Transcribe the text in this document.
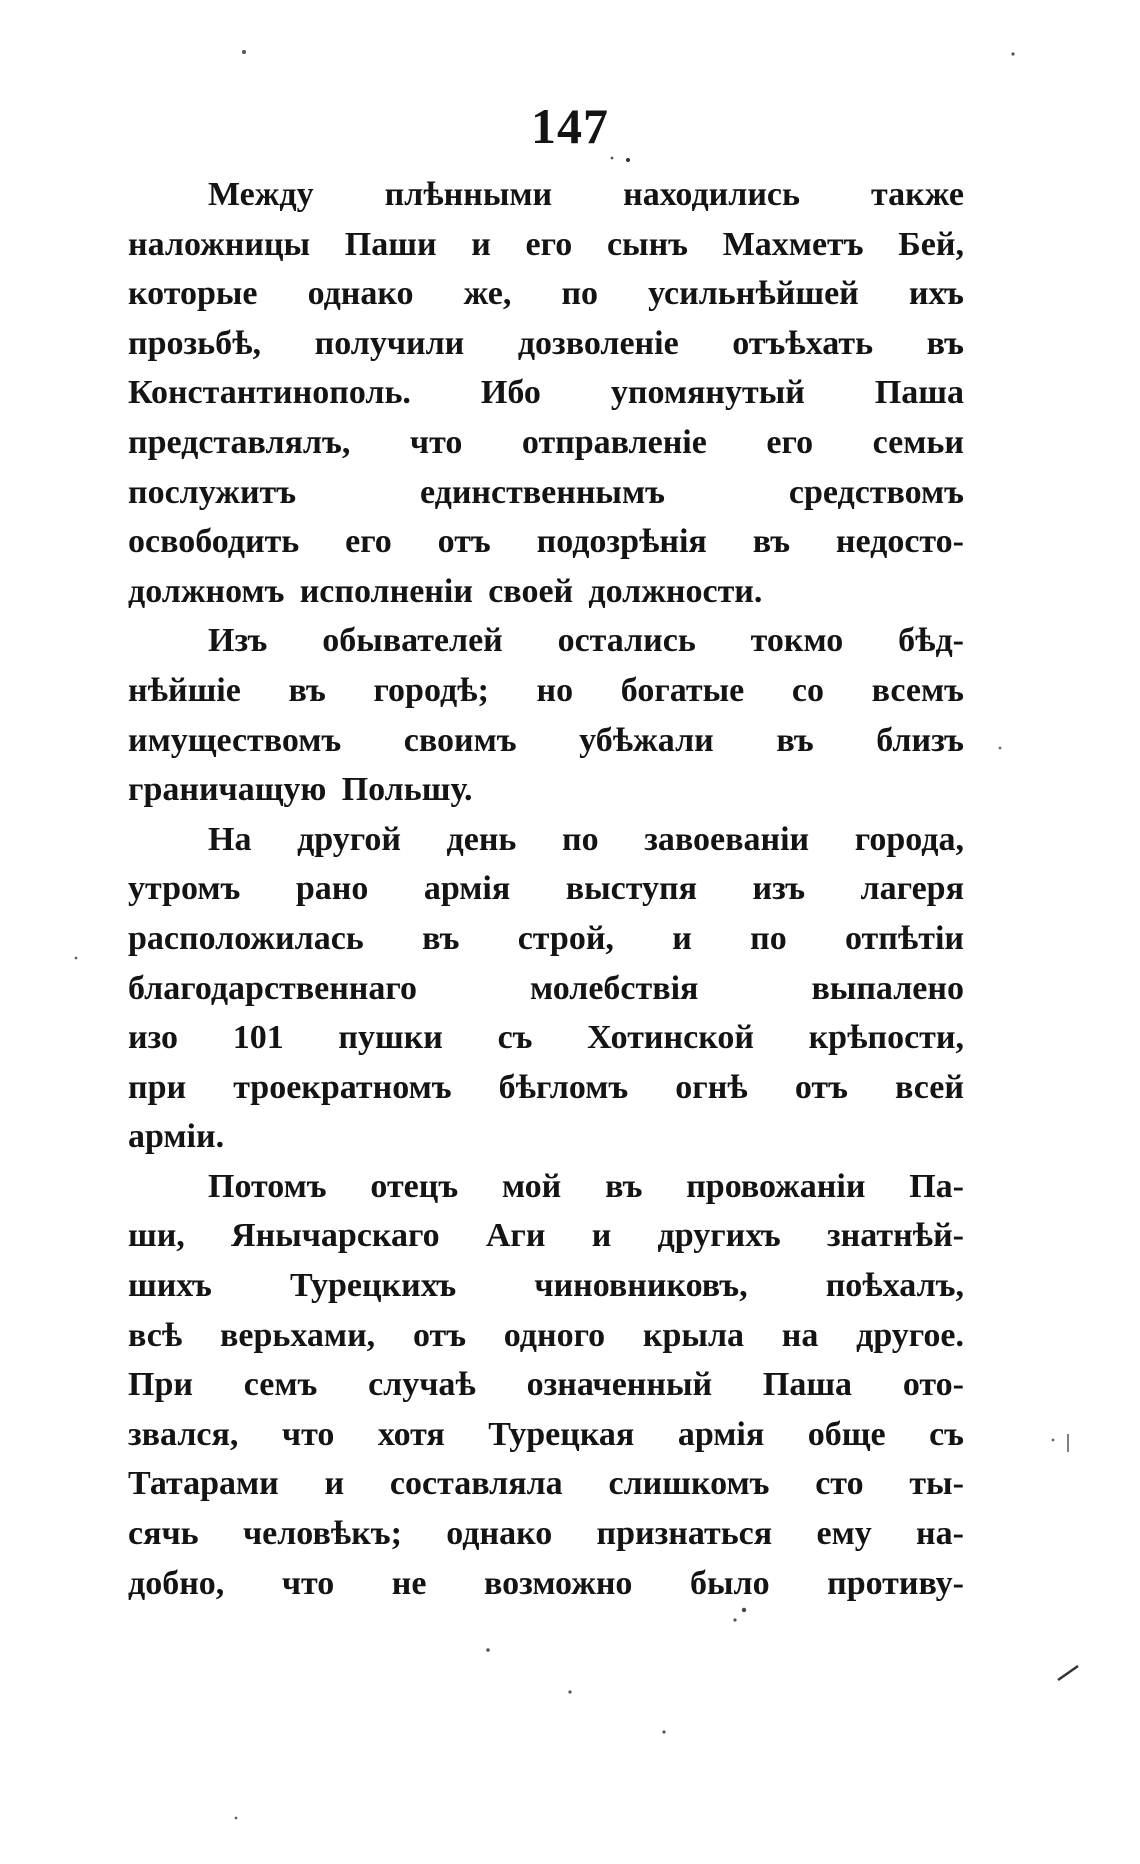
147
Между плѣнными находились также
наложницы Паши и его сынъ Махметъ Бей,
которые однако же, по усильнѣйшей ихъ
прозьбѣ, получили дозволеніе отъѣхать въ
Константинополь. Ибо упомянутый Паша
представлялъ, что отправленіе его семьи
послужитъ	единственнымъ	средствомъ
освободить его отъ подозрѣнія въ недосто-
должномъ исполненіи своей должности.
Изъ обывателей остались токмо бѣд-
нѣйшіе въ городѣ; но богатые со всемъ
имуществомъ своимъ убѣжали въ близъ
граничащую Польшу.
На другой день по завоеваніи города,
утромъ рано армія выступя изъ лагеря
расположилась въ строй, и по отпѣтіи
благодарственнаго	молебствія	выпалено
изо 101 пушки съ Хотинской крѣпости,
при троекратномъ бѣгломъ огнѣ отъ всей
арміи.
Потомъ отецъ мой въ провожаніи Па-
ши, Янычарскаго Аги и другихъ знатнѣй-
шихъ Турецкихъ чиновниковъ, поѣхалъ,
всѣ верьхами, отъ одного крыла на другое.
При семъ случаѣ означенный Паша ото-
звался, что хотя Турецкая армія обще съ
Татарами и составляла слишкомъ сто ты-
сячь человѣкъ; однако признаться ему на-
добно, что не возможно было противу-
